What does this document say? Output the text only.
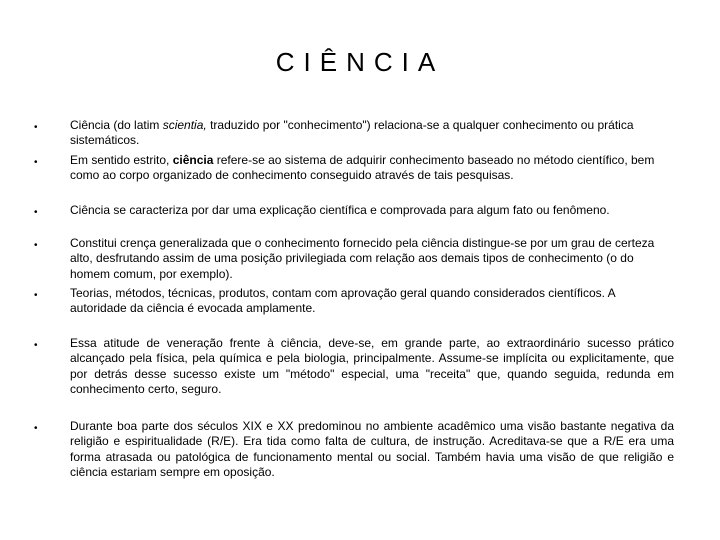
CIÊNCIA
•	Ciência (do latim scientia, traduzido por "conhecimento") relaciona-se a qualquer conhecimento ou prática sistemáticos.
•	Em sentido estrito, ciência refere-se ao sistema de adquirir conhecimento baseado no método científico, bem como ao corpo organizado de conhecimento conseguido através de tais pesquisas.
•	Ciência se caracteriza por dar uma explicação científica e comprovada para algum fato ou fenômeno.
•	Constitui crença generalizada que o conhecimento fornecido pela ciência distingue-se por um grau de certeza alto, desfrutando assim de uma posição privilegiada com relação aos demais tipos de conhecimento (o do homem comum, por exemplo).
•	Teorias, métodos, técnicas, produtos, contam com aprovação geral quando considerados científicos. A autoridade da ciência é evocada amplamente.
•	Essa atitude de veneração frente à ciência, deve-se, em grande parte, ao extraordinário sucesso prático alcançado pela física, pela química e pela biologia, principalmente. Assume-se implícita ou explicitamente, que por detrás desse sucesso existe um "método" especial, uma "receita" que, quando seguida, redunda em conhecimento certo, seguro.
•	Durante boa parte dos séculos XIX e XX predominou no ambiente acadêmico uma visão bastante negativa da religião e espiritualidade (R/E). Era tida como falta de cultura, de instrução. Acreditava-se que a R/E era uma forma atrasada ou patológica de funcionamento mental ou social. Também havia uma visão de que religião e ciência estariam sempre em oposição.
